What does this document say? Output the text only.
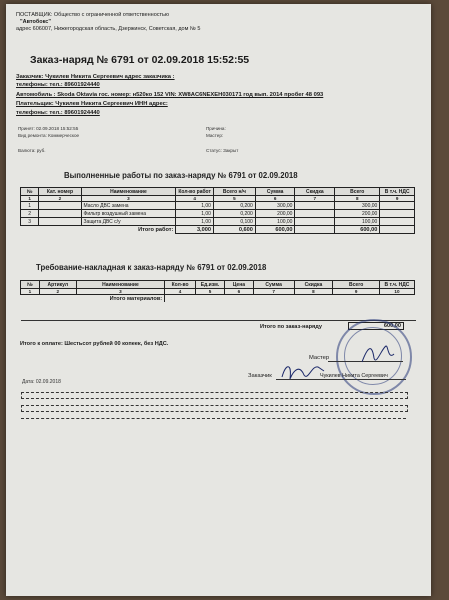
ПОСТАВЩИК: Общество с ограниченной ответственностью
"Автобокс"
адрес 606007, Нижегородская область, Дзержинск, Советская, дом № 5
Заказ-наряд № 6791 от 02.09.2018 15:52:55
Заказчик: Чукилев Никита Сергеевич адрес заказчика :
телефоны: тел.: 89601924440
Автомобиль : Skoda Oktavia гос. номер: н520ко 152 VIN: XW8AC6NEXEH030171 год вып. 2014 пробег 48 093
Плательщик: Чукилев Никита Сергеевич ИНН адрес:
телефоны: тел.: 89601924440
Принят: 02.09.2018 15:52:55
Вид ремонта: Коммерческое
Причина:
Мастер:
Валюта: руб.	Статус: Закрыт
Выполненные работы по заказ-наряду № 6791 от 02.09.2018
№	Кат. номер	Наименование	Кол-во работ	Всего н/ч	Сумма	Скидка	Всего	В т.ч. НДС
1	2	3	4	5	6	7	8	9
1		Масло ДВС замена	1,00	0,200	300,00		300,00	
2		Фильтр воздушный замена	1,00	0,200	200,00		200,00	
3		Защита ДВС с/у	1,00	0,100	100,00		100,00	
Итого работ:			3,000	0,600	600,00		600,00	
Требование-накладная к заказ-наряду № 6791 от 02.09.2018
№	Артикул	Наименование	Кол-во	Ед.изм.	Цена	Сумма	Скидка	Всего	В т.ч. НДС
1	2	3	4	5	6	7	8	9	10
Итого материалов:									
Итого по заказ-наряду	600,00
Итого к оплате: Шестьсот рублей 00 копеек, без НДС.
Мастер
Заказчик	Чукилев Никита Сергеевич
Дата: 02.09.2018
